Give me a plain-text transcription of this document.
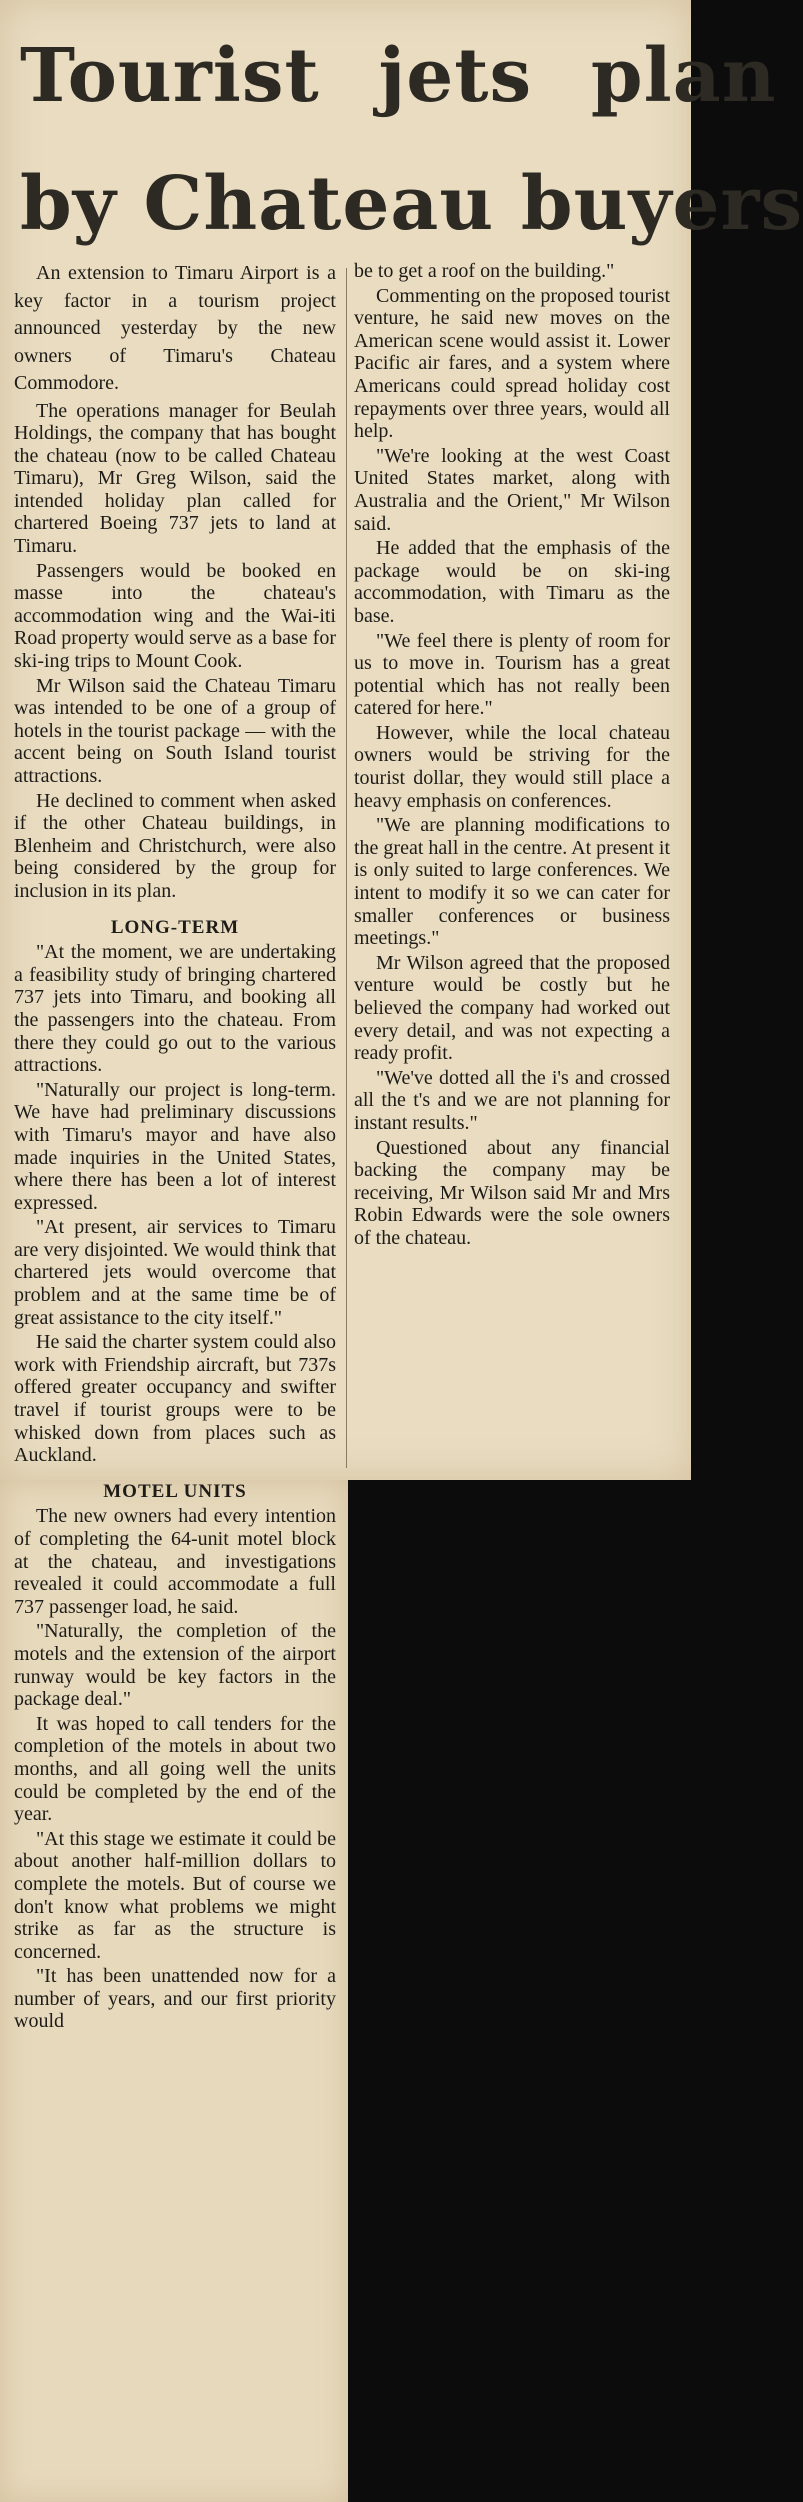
Tourist jets plan
by Chateau buyers

An extension to Timaru Airport is a key factor in a tourism project announced yesterday by the new owners of Timaru's Chateau Commodore.

The operations manager for Beulah Holdings, the company that has bought the chateau (now to be called Chateau Timaru), Mr Greg Wilson, said the intended holiday plan called for chartered Boeing 737 jets to land at Timaru.

Passengers would be booked en masse into the chateau's accommodation wing and the Wai-iti Road property would serve as a base for ski-ing trips to Mount Cook.

Mr Wilson said the Chateau Timaru was intended to be one of a group of hotels in the tourist package — with the accent being on South Island tourist attractions.

He declined to comment when asked if the other Chateau buildings, in Blenheim and Christchurch, were also being considered by the group for inclusion in its plan.

LONG-TERM

"At the moment, we are undertaking a feasibility study of bringing chartered 737 jets into Timaru, and booking all the passengers into the chateau. From there they could go out to the various attractions.

"Naturally our project is long-term. We have had preliminary discussions with Timaru's mayor and have also made inquiries in the United States, where there has been a lot of interest expressed.

"At present, air services to Timaru are very disjointed. We would think that chartered jets would overcome that problem and at the same time be of great assistance to the city itself."

He said the charter system could also work with Friendship aircraft, but 737s offered greater occupancy and swifter travel if tourist groups were to be whisked down from places such as Auckland.

MOTEL UNITS

The new owners had every intention of completing the 64-unit motel block at the chateau, and investigations revealed it could accommodate a full 737 passenger load, he said.

"Naturally, the completion of the motels and the extension of the airport runway would be key factors in the package deal."

It was hoped to call tenders for the completion of the motels in about two months, and all going well the units could be completed by the end of the year.

"At this stage we estimate it could be about another half-million dollars to complete the motels. But of course we don't know what problems we might strike as far as the structure is concerned.

"It has been unattended now for a number of years, and our first priority would

be to get a roof on the building."

Commenting on the proposed tourist venture, he said new moves on the American scene would assist it. Lower Pacific air fares, and a system where Americans could spread holiday cost repayments over three years, would all help.

"We're looking at the west Coast United States market, along with Australia and the Orient," Mr Wilson said.

He added that the emphasis of the package would be on ski-ing accommodation, with Timaru as the base.

"We feel there is plenty of room for us to move in. Tourism has a great potential which has not really been catered for here."

However, while the local chateau owners would be striving for the tourist dollar, they would still place a heavy emphasis on conferences.

"We are planning modifications to the great hall in the centre. At present it is only suited to large conferences. We intent to modify it so we can cater for smaller conferences or business meetings."

Mr Wilson agreed that the proposed venture would be costly but he believed the company had worked out every detail, and was not expecting a ready profit.

"We've dotted all the i's and crossed all the t's and we are not planning for instant results."

Questioned about any financial backing the company may be receiving, Mr Wilson said Mr and Mrs Robin Edwards were the sole owners of the chateau.
